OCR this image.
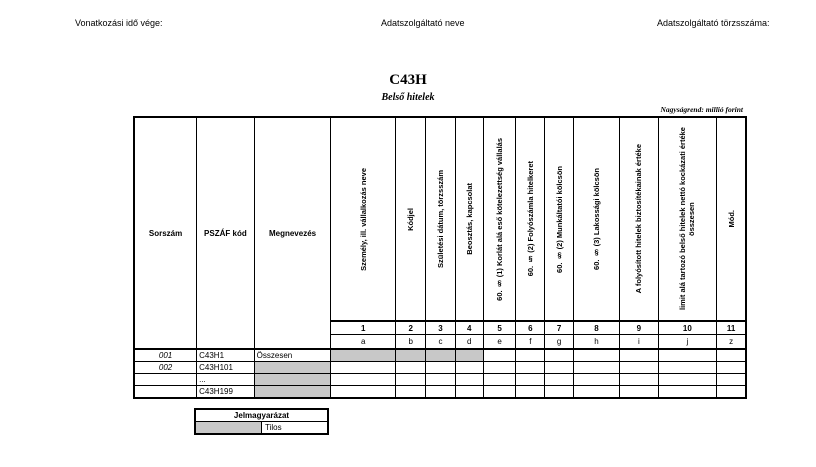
Vonatkozási idő vége:	Adatszolgáltató neve	Adatszolgáltató törzsszáma:
C43H
Belső hitelek
Nagyságrend: millió forint
Sorszám	PSZÁF kód	Megnevezés	Személy, ill. vállalkozás neve	Kódjel	Születési dátum, törzsszám	Beosztás, kapcsolat	60. § (1) Korlát alá eső kötelezettség vállalás	60. § (2) Folyószámla hitelkeret	60. § (2) Munkáltatói kölcsön	60. § (3) Lakossági kölcsön	A folyósított hitelek biztosítékainak értéke	limit alá tartozó belső hitelek nettó kockázati értéke összesen	Mód.

			1	2	3	4	5	6	7	8	9	10	11
			a	b	c	d	e	f	g	h	i	j	z
001	C43H1	Összesen											
002	C43H101												
	...												
	C43H199												
Jelmagyarázat
	Tilos
